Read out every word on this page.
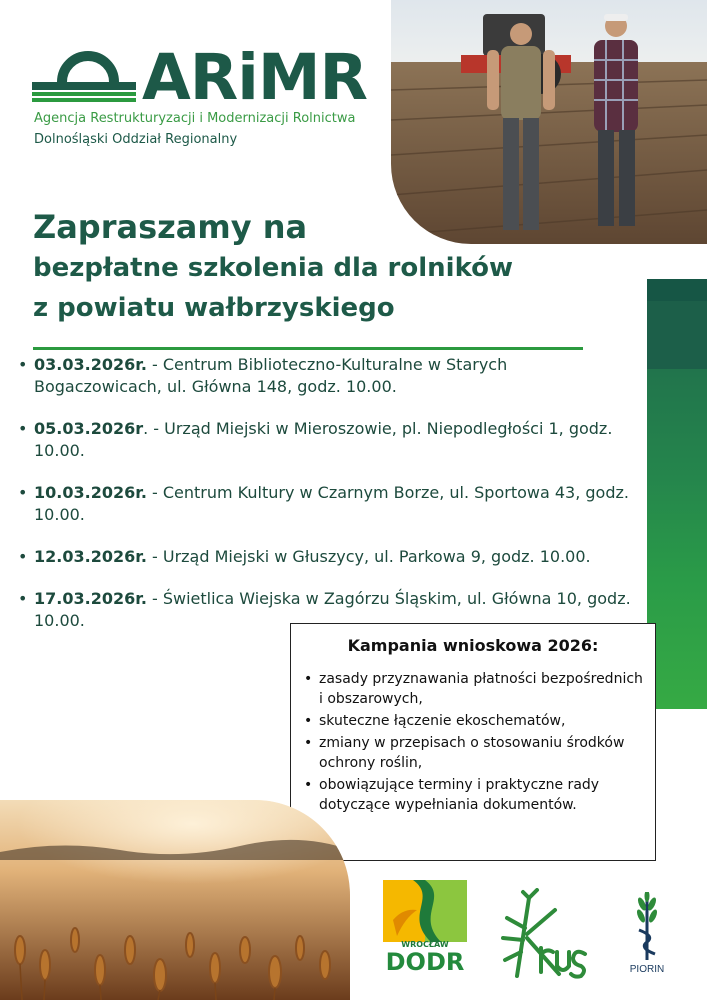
ARiMR
Agencja Restrukturyzacji i Modernizacji Rolnictwa
Dolnośląski Oddział Regionalny
Zapraszamy na
bezpłatne szkolenia dla rolników
z powiatu wałbrzyskiego
• 03.03.2026r. - Centrum Biblioteczno-Kulturalne w Starych Bogaczowicach, ul. Główna 148, godz. 10.00.
• 05.03.2026r. - Urząd Miejski w Mieroszowie, pl. Niepodległości 1, godz. 10.00.
• 10.03.2026r. - Centrum Kultury w Czarnym Borze, ul. Sportowa 43, godz. 10.00.
• 12.03.2026r. - Urząd Miejski w Głuszycy, ul. Parkowa 9, godz. 10.00.
• 17.03.2026r. - Świetlica Wiejska w Zagórzu Śląskim, ul. Główna 10, godz. 10.00.
Kampania wnioskowa 2026:
• zasady przyznawania płatności bezpośrednich i obszarowych,
• skuteczne łączenie ekoschematów,
• zmiany w przepisach o stosowaniu środków ochrony roślin,
• obowiązujące terminy i praktyczne rady dotyczące wypełniania dokumentów.
WROCŁAW
DODR	PIORIN
